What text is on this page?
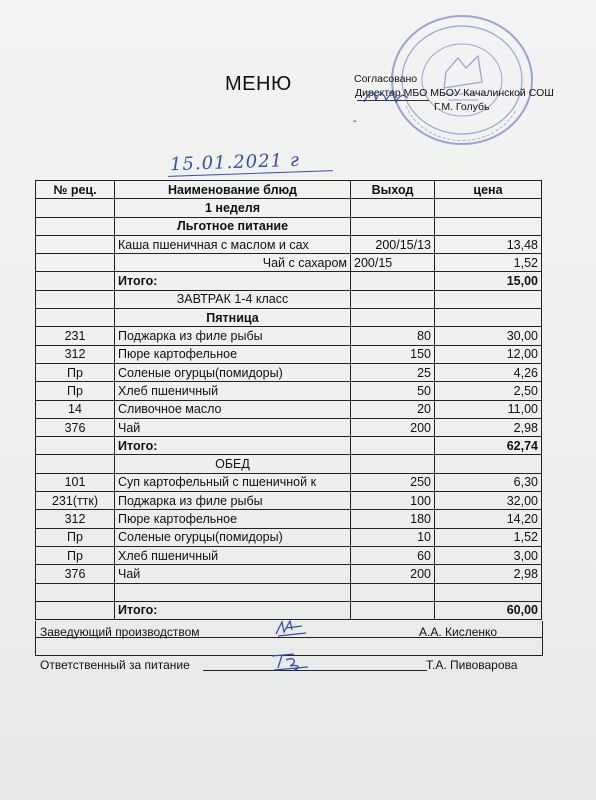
МЕНЮ	Согласовано
Директор МБО МБОУ Качалинской СОШ
Г.М. Голубь
-
15.01.2021 г
№ рец.	Наименование блюд	Выход	цена
	1 неделя		
	Льготное питание		
	Каша пшеничная с маслом и сах	200/15/13	13,48
	Чай с сахаром	200/15	1,52
	Итого:		15,00
	ЗАВТРАК 1-4 класс		
	Пятница		
231	Поджарка из филе рыбы	80	30,00
312	Пюре картофельное	150	12,00
Пр	Соленые огурцы(помидоры)	25	4,26
Пр	Хлеб пшеничный	50	2,50
14	Сливочное масло	20	11,00
376	Чай	200	2,98
	Итого:		62,74
	ОБЕД		
101	Суп картофельный с пшеничной к	250	6,30
231(ттк)	Поджарка из филе рыбы	100	32,00
312	Пюре картофельное	180	14,20
Пр	Соленые огурцы(помидоры)	10	1,52
Пр	Хлеб пшеничный	60	3,00
376	Чай	200	2,98

	Итого:		60,00
Заведующий производством	А.А. Кисленко
Ответственный за питание	Т.А. Пивоварова
